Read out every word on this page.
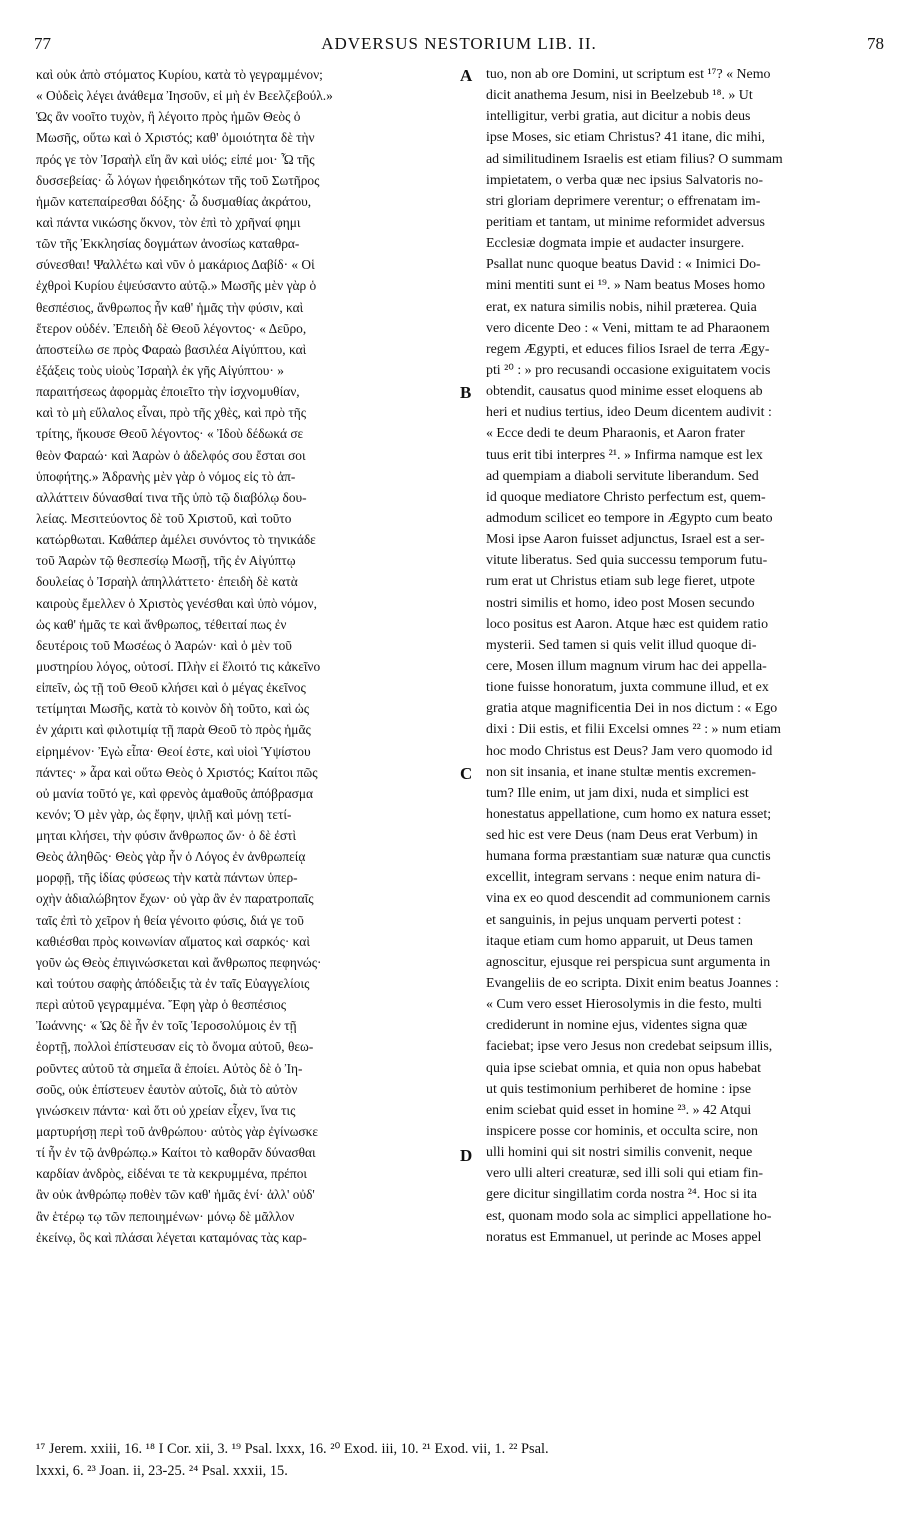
77	ADVERSUS NESTORIUM LIB. II.	78
καὶ οὐκ ἀπὸ στόματος Κυρίου, κατὰ τὸ γεγραμμένον;
« Οὐδεὶς λέγει ἀνάθεμα Ἰησοῦν, εἰ μὴ ἐν Βεελζεβούλ.»
Ὡς ἂν νοοῖτο τυχὸν, ἢ λέγοιτο πρὸς ἡμῶν Θεὸς ὁ
Μωσῆς, οὕτω καὶ ὁ Χριστός; καθ' ὁμοιότητα δὲ τὴν
πρός γε τὸν Ἰσραὴλ εἴη ἂν καὶ υἱός; εἰπέ μοι· Ὦ τῆς
δυσσεβείας· ὦ λόγων ἠφειδηκότων τῆς τοῦ Σωτῆρος
ἡμῶν κατεπαίρεσθαι δόξης· ὦ δυσμαθίας ἀκράτου,
καὶ πάντα νικώσης ὄκνον, τὸν ἐπὶ τὸ χρῆναί φημι
τῶν τῆς Ἐκκλησίας δογμάτων ἀνοσίως καταθρα-
σύνεσθαι! Ψαλλέτω καὶ νῦν ὁ μακάριος Δαβίδ· « Οἱ
ἐχθροὶ Κυρίου ἐψεύσαντο αὐτῷ.» Μωσῆς μὲν γὰρ ὁ
θεσπέσιος, ἄνθρωπος ἦν καθ' ἡμᾶς τὴν φύσιν, καὶ
ἕτερον οὐδέν. Ἐπειδὴ δὲ Θεοῦ λέγοντος· « Δεῦρο,
ἀποστείλω σε πρὸς Φαραὼ βασιλέα Αἰγύπτου, καὶ
ἐξάξεις τοὺς υἱοὺς Ἰσραὴλ ἐκ γῆς Αἰγύπτου· »
παραιτήσεως ἀφορμὰς ἐποιεῖτο τὴν ἰσχνομυθίαν,
καὶ τὸ μὴ εὔλαλος εἶναι, πρὸ τῆς χθὲς, καὶ πρὸ τῆς
τρίτης, ἤκουσε Θεοῦ λέγοντος· « Ἰδοὺ δέδωκά σε
θεὸν Φαραώ· καὶ Ἀαρὼν ὁ ἀδελφός σου ἔσται σοι
ὑποφήτης.» Ἀδρανὴς μὲν γὰρ ὁ νόμος εἰς τὸ ἀπ-
αλλάττειν δύνασθαί τινα τῆς ὑπὸ τῷ διαβόλῳ δου-
λείας. Μεσιτεύοντος δὲ τοῦ Χριστοῦ, καὶ τοῦτο
κατώρθωται. Καθάπερ ἀμέλει συνόντος τὸ τηνικάδε
τοῦ Ἀαρὼν τῷ θεσπεσίῳ Μωσῇ, τῆς ἐν Αἰγύπτῳ
δουλείας ὁ Ἰσραὴλ ἀπηλλάττετο· ἐπειδὴ δὲ κατὰ
καιροὺς ἔμελλεν ὁ Χριστὸς γενέσθαι καὶ ὑπὸ νόμον,
ὡς καθ' ἡμᾶς τε καὶ ἄνθρωπος, τέθειταί πως ἐν
δευτέροις τοῦ Μωσέως ὁ Ἀαρών· καὶ ὁ μὲν τοῦ
μυστηρίου λόγος, οὑτοσί. Πλὴν εἰ ἕλοιτό τις κἀκεῖνο
εἰπεῖν, ὡς τῇ τοῦ Θεοῦ κλήσει καὶ ὁ μέγας ἐκεῖνος
τετίμηται Μωσῆς, κατὰ τὸ κοινὸν δὴ τοῦτο, καὶ ὡς
ἐν χάριτι καὶ φιλοτιμίᾳ τῇ παρὰ Θεοῦ τὸ πρὸς ἡμᾶς
εἰρημένον· Ἐγὼ εἶπα· Θεοί ἐστε, καὶ υἱοὶ Ὑψίστου
πάντες· » ἆρα καὶ οὕτω Θεὸς ὁ Χριστός; Καίτοι πῶς
οὐ μανία τοῦτό γε, καὶ φρενὸς ἀμαθοῦς ἀπόβρασμα
κενόν; Ὁ μὲν γὰρ, ὡς ἔφην, ψιλῇ καὶ μόνῃ τετί-
μηται κλήσει, τὴν φύσιν ἄνθρωπος ὤν· ὁ δὲ ἐστὶ
Θεὸς ἀληθῶς· Θεὸς γὰρ ἦν ὁ Λόγος ἐν ἀνθρωπείᾳ
μορφῇ, τῆς ἰδίας φύσεως τὴν κατὰ πάντων ὑπερ-
οχὴν ἀδιαλώβητον ἔχων· οὐ γὰρ ἂν ἐν παρατροπαῖς
ταῖς ἐπὶ τὸ χεῖρον ἡ θεία γένοιτο φύσις, διά γε τοῦ
καθιέσθαι πρὸς κοινωνίαν αἵματος καὶ σαρκός· καὶ
γοῦν ὡς Θεὸς ἐπιγινώσκεται καὶ ἄνθρωπος πεφηνώς·
καὶ τούτου σαφὴς ἀπόδειξις τὰ ἐν ταῖς Εὐαγγελίοις
περὶ αὐτοῦ γεγραμμένα. Ἔφη γὰρ ὁ θεσπέσιος
Ἰωάννης· « Ὡς δὲ ἦν ἐν τοῖς Ἱεροσολύμοις ἐν τῇ
ἑορτῇ, πολλοὶ ἐπίστευσαν εἰς τὸ ὄνομα αὐτοῦ, θεω-
ροῦντες αὐτοῦ τὰ σημεῖα ἃ ἐποίει. Αὐτὸς δὲ ὁ Ἰη-
σοῦς, οὐκ ἐπίστευεν ἑαυτὸν αὐτοῖς, διὰ τὸ αὐτὸν
γινώσκειν πάντα· καὶ ὅτι οὐ χρείαν εἶχεν, ἵνα τις
μαρτυρήσῃ περὶ τοῦ ἀνθρώπου· αὐτὸς γὰρ ἐγίνωσκε
τί ἦν ἐν τῷ ἀνθρώπῳ.» Καίτοι τὸ καθορᾶν δύνασθαι
καρδίαν ἀνδρὸς, εἰδέναι τε τὰ κεκρυμμένα, πρέποι
ἂν οὐκ ἀνθρώπῳ ποθὲν τῶν καθ' ἡμᾶς ἑνί· ἀλλ' οὐδ'
ἂν ἑτέρῳ τῳ τῶν πεποιημένων· μόνῳ δὲ μᾶλλον
ἐκείνῳ, ὃς καὶ πλάσαι λέγεται καταμόνας τὰς καρ-
tuo, non ab ore Domini, ut scriptum est ¹⁷? « Nemo
dicit anathema Jesum, nisi in Beelzebub ¹⁸. » Ut
intelligitur, verbi gratia, aut dicitur a nobis deus
ipse Moses, sic etiam Christus? 41 itane, dic mihi,
ad similitudinem Israelis est etiam filius? O summam
impietatem, o verba quæ nec ipsius Salvatoris no-
stri gloriam deprimere verentur; o effrenatam im-
peritiam et tantam, ut minime reformidet adversus
Ecclesiæ dogmata impie et audacter insurgere.
Psallat nunc quoque beatus David : « Inimici Do-
mini mentiti sunt ei ¹⁹. » Nam beatus Moses homo
erat, ex natura similis nobis, nihil præterea. Quia
vero dicente Deo : « Veni, mittam te ad Pharaonem
regem Ægypti, et educes filios Israel de terra Ægy-
pti ²⁰ : » pro recusandi occasione exiguitatem vocis
obtendit, causatus quod minime esset eloquens ab
heri et nudius tertius, ideo Deum dicentem audivit :
« Ecce dedi te deum Pharaonis, et Aaron frater
tuus erit tibi interpres ²¹. » Infirma namque est lex
ad quempiam a diaboli servitute liberandum. Sed
id quoque mediatore Christo perfectum est, quem-
admodum scilicet eo tempore in Ægypto cum beato
Mosi ipse Aaron fuisset adjunctus, Israel est a ser-
vitute liberatus. Sed quia successu temporum futu-
rum erat ut Christus etiam sub lege fieret, utpote
nostri similis et homo, ideo post Mosen secundo
loco positus est Aaron. Atque hæc est quidem ratio
mysterii. Sed tamen si quis velit illud quoque di-
cere, Mosen illum magnum virum hac dei appella-
tione fuisse honoratum, juxta commune illud, et ex
gratia atque magnificentia Dei in nos dictum : « Ego
dixi : Dii estis, et filii Excelsi omnes ²² : » num etiam
hoc modo Christus est Deus? Jam vero quomodo id
non sit insania, et inane stultæ mentis excremen-
tum? Ille enim, ut jam dixi, nuda et simplici est
honestatus appellatione, cum homo ex natura esset;
sed hic est vere Deus (nam Deus erat Verbum) in
humana forma præstantiam suæ naturæ qua cunctis
excellit, integram servans : neque enim natura di-
vina ex eo quod descendit ad communionem carnis
et sanguinis, in pejus unquam perverti potest :
itaque etiam cum homo apparuit, ut Deus tamen
agnoscitur, ejusque rei perspicua sunt argumenta in
Evangeliis de eo scripta. Dixit enim beatus Joannes :
« Cum vero esset Hierosolymis in die festo, multi
crediderunt in nomine ejus, videntes signa quæ
faciebat; ipse vero Jesus non credebat seipsum illis,
quia ipse sciebat omnia, et quia non opus habebat
ut quis testimonium perhiberet de homine : ipse
enim sciebat quid esset in homine ²³. » 42 Atqui
inspicere posse cor hominis, et occulta scire, non
ulli homini qui sit nostri similis convenit, neque
vero ulli alteri creaturæ, sed illi soli qui etiam fin-
gere dicitur singillatim corda nostra ²⁴. Hoc si ita
est, quonam modo sola ac simplici appellatione ho-
noratus est Emmanuel, ut perinde ac Moses appel
A
B
C
D
¹⁷ Jerem. xxiii, 16. ¹⁸ I Cor. xii, 3. ¹⁹ Psal. lxxx, 16. ²⁰ Exod. iii, 10. ²¹ Exod. vii, 1. ²² Psal.
lxxxi, 6. ²³ Joan. ii, 23-25. ²⁴ Psal. xxxii, 15.
